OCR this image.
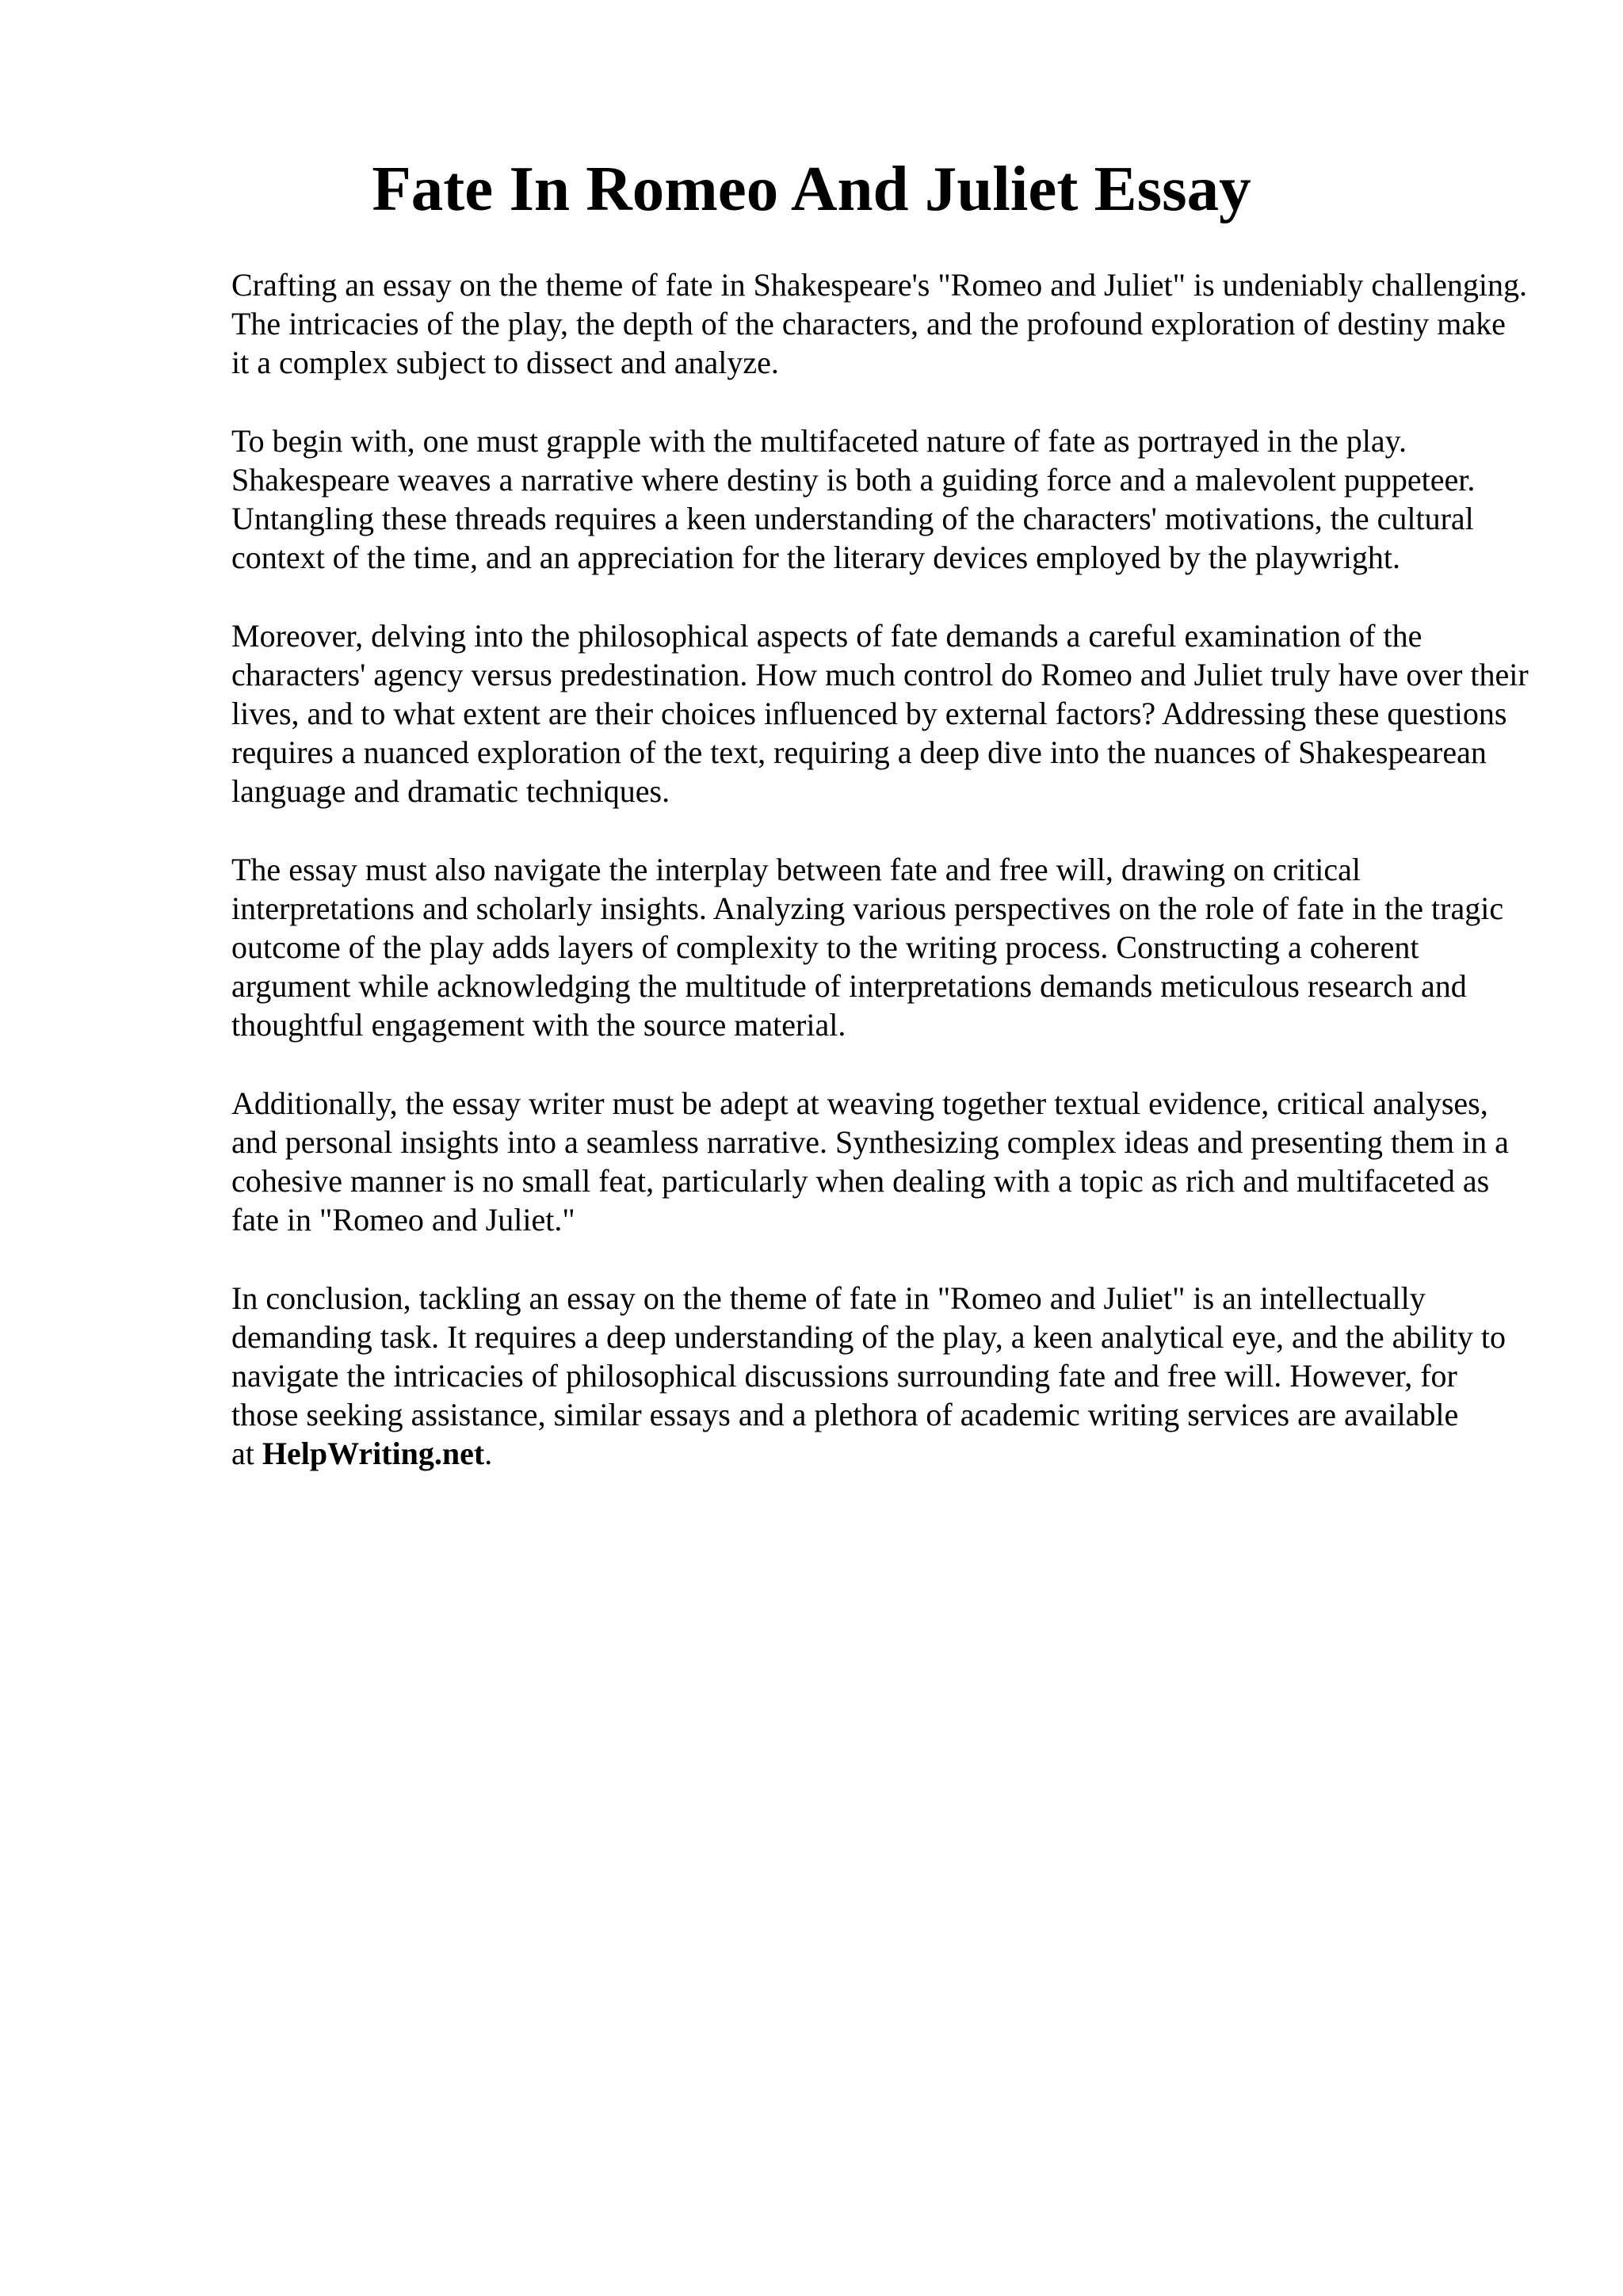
Fate In Romeo And Juliet Essay

Crafting an essay on the theme of fate in Shakespeare's "Romeo and Juliet" is undeniably challenging. The intricacies of the play, the depth of the characters, and the profound exploration of destiny make it a complex subject to dissect and analyze.

To begin with, one must grapple with the multifaceted nature of fate as portrayed in the play. Shakespeare weaves a narrative where destiny is both a guiding force and a malevolent puppeteer. Untangling these threads requires a keen understanding of the characters' motivations, the cultural context of the time, and an appreciation for the literary devices employed by the playwright.

Moreover, delving into the philosophical aspects of fate demands a careful examination of the characters' agency versus predestination. How much control do Romeo and Juliet truly have over their lives, and to what extent are their choices influenced by external factors? Addressing these questions requires a nuanced exploration of the text, requiring a deep dive into the nuances of Shakespearean language and dramatic techniques.

The essay must also navigate the interplay between fate and free will, drawing on critical interpretations and scholarly insights. Analyzing various perspectives on the role of fate in the tragic outcome of the play adds layers of complexity to the writing process. Constructing a coherent argument while acknowledging the multitude of interpretations demands meticulous research and thoughtful engagement with the source material.

Additionally, the essay writer must be adept at weaving together textual evidence, critical analyses, and personal insights into a seamless narrative. Synthesizing complex ideas and presenting them in a cohesive manner is no small feat, particularly when dealing with a topic as rich and multifaceted as fate in "Romeo and Juliet."

In conclusion, tackling an essay on the theme of fate in "Romeo and Juliet" is an intellectually demanding task. It requires a deep understanding of the play, a keen analytical eye, and the ability to navigate the intricacies of philosophical discussions surrounding fate and free will. However, for those seeking assistance, similar essays and a plethora of academic writing services are available at HelpWriting.net.
